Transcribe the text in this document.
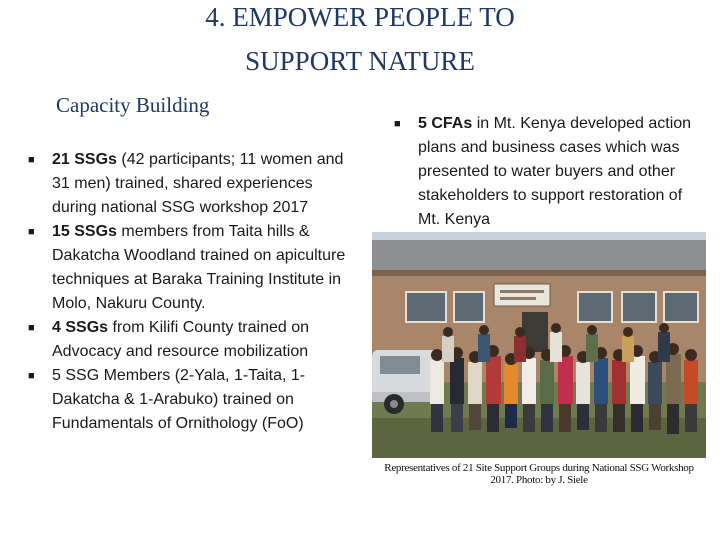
4. EMPOWER PEOPLE TO
SUPPORT NATURE
Capacity Building
■ 21 SSGs (42 participants; 11 women and 31 men) trained, shared experiences during national SSG workshop 2017
■ 15 SSGs members from Taita hills & Dakatcha Woodland trained on apiculture techniques at Baraka Training Institute in Molo, Nakuru County.
■ 4 SSGs from Kilifi County trained on Advocacy and resource mobilization
■ 5 SSG Members (2-Yala, 1-Taita, 1-Dakatcha & 1-Arabuko) trained on Fundamentals of Ornithology (FoO)
■ 5 CFAs in Mt. Kenya developed action plans and business cases which was presented to water buyers and other stakeholders to support restoration of Mt. Kenya
Representatives of 21 Site Support Groups during National SSG Workshop 2017. Photo: by J. Siele
